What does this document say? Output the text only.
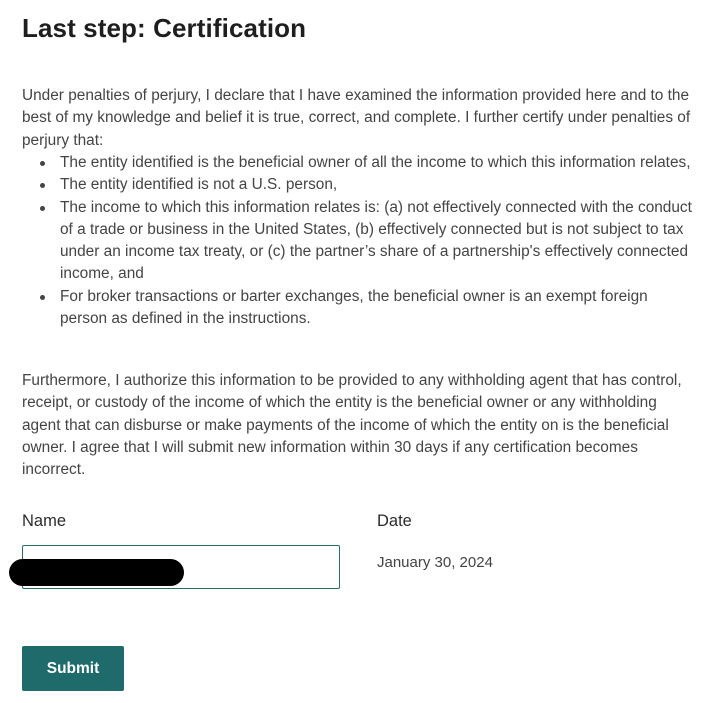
Last step: Certification

Under penalties of perjury, I declare that I have examined the information provided here and to the best of my knowledge and belief it is true, correct, and complete. I further certify under penalties of perjury that:

The entity identified is the beneficial owner of all the income to which this information relates,
The entity identified is not a U.S. person,
The income to which this information relates is: (a) not effectively connected with the conduct of a trade or business in the United States, (b) effectively connected but is not subject to tax under an income tax treaty, or (c) the partner’s share of a partnership's effectively connected income, and
For broker transactions or barter exchanges, the beneficial owner is an exempt foreign person as defined in the instructions.

Furthermore, I authorize this information to be provided to any withholding agent that has control, receipt, or custody of the income of which the entity is the beneficial owner or any withholding agent that can disburse or make payments of the income of which the entity on is the beneficial owner. I agree that I will submit new information within 30 days if any certification becomes incorrect.

Name	Date
January 30, 2024
Submit
